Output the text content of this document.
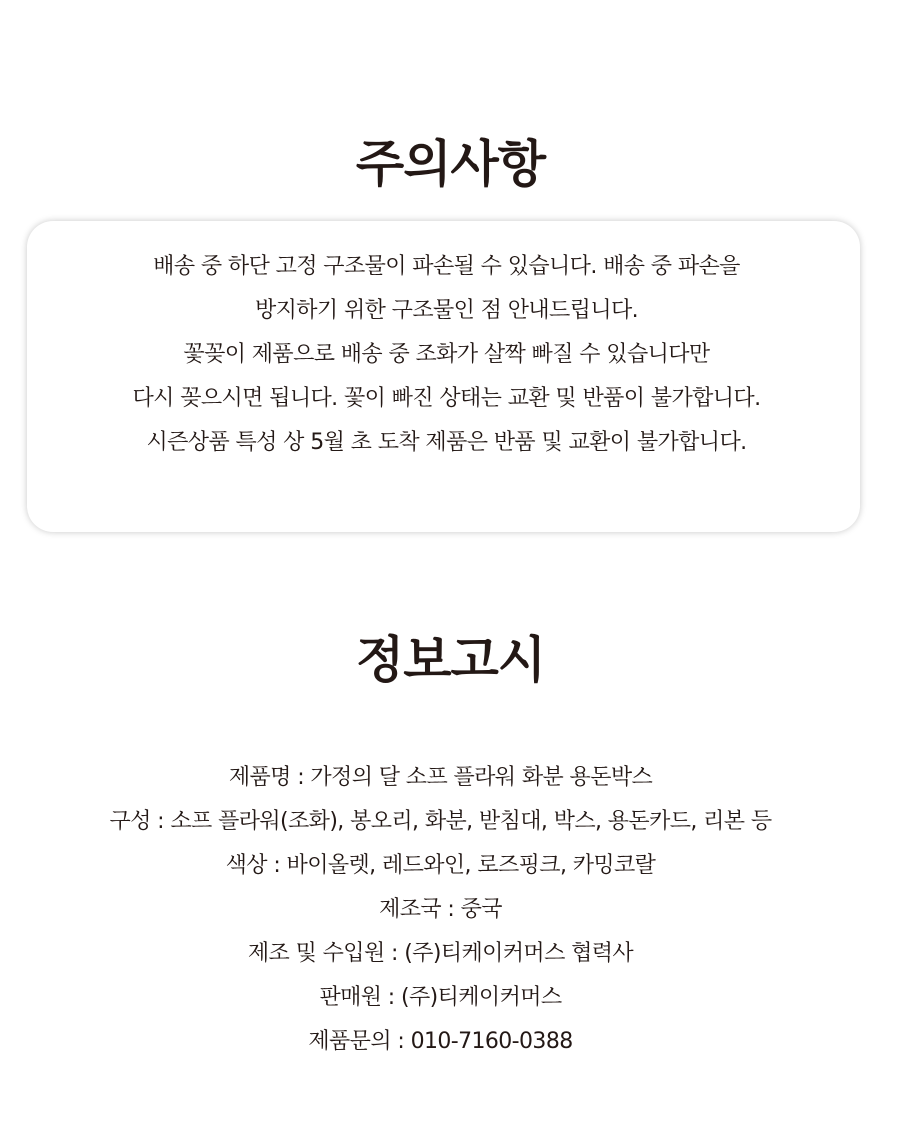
주의사항
배송 중 하단 고정 구조물이 파손될 수 있습니다. 배송 중 파손을
방지하기 위한 구조물인 점 안내드립니다.
꽃꽂이 제품으로 배송 중 조화가 살짝 빠질 수 있습니다만
다시 꽂으시면 됩니다. 꽃이 빠진 상태는 교환 및 반품이 불가합니다.
시즌상품 특성 상 5월 초 도착 제품은 반품 및 교환이 불가합니다.
정보고시
제품명 : 가정의 달 소프 플라워 화분 용돈박스
구성 : 소프 플라워(조화), 봉오리, 화분, 받침대, 박스, 용돈카드, 리본 등
색상 : 바이올렛, 레드와인, 로즈핑크, 카밍코랄
제조국 : 중국
제조 및 수입원 : (주)티케이커머스 협력사
판매원 : (주)티케이커머스
제품문의 : 010-7160-0388
